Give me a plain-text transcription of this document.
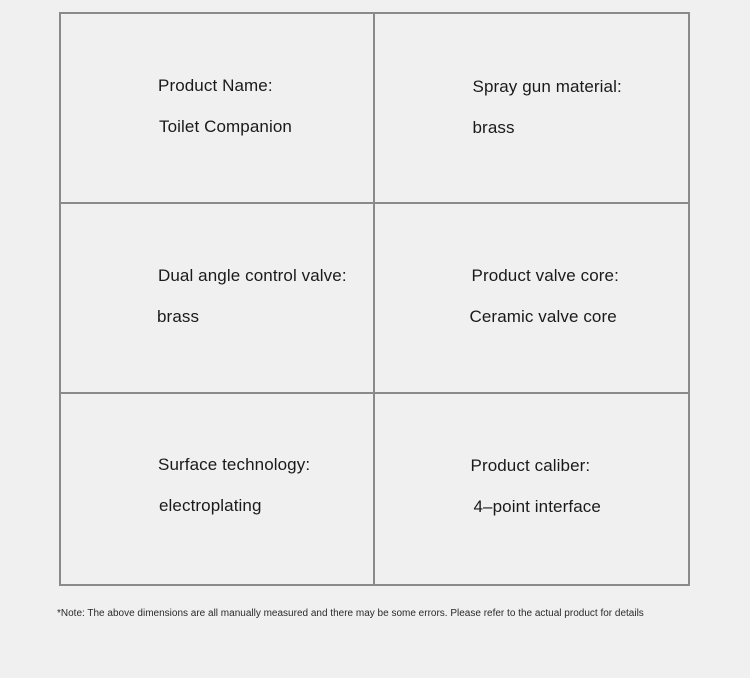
Product Name:
Toilet Companion
Spray gun material:
brass
Dual angle control valve:
brass
Product valve core:
Ceramic valve core
Surface technology:
electroplating
Product caliber:
4–point interface
*Note: The above dimensions are all manually measured and there may be some errors. Please refer to the actual product for details
